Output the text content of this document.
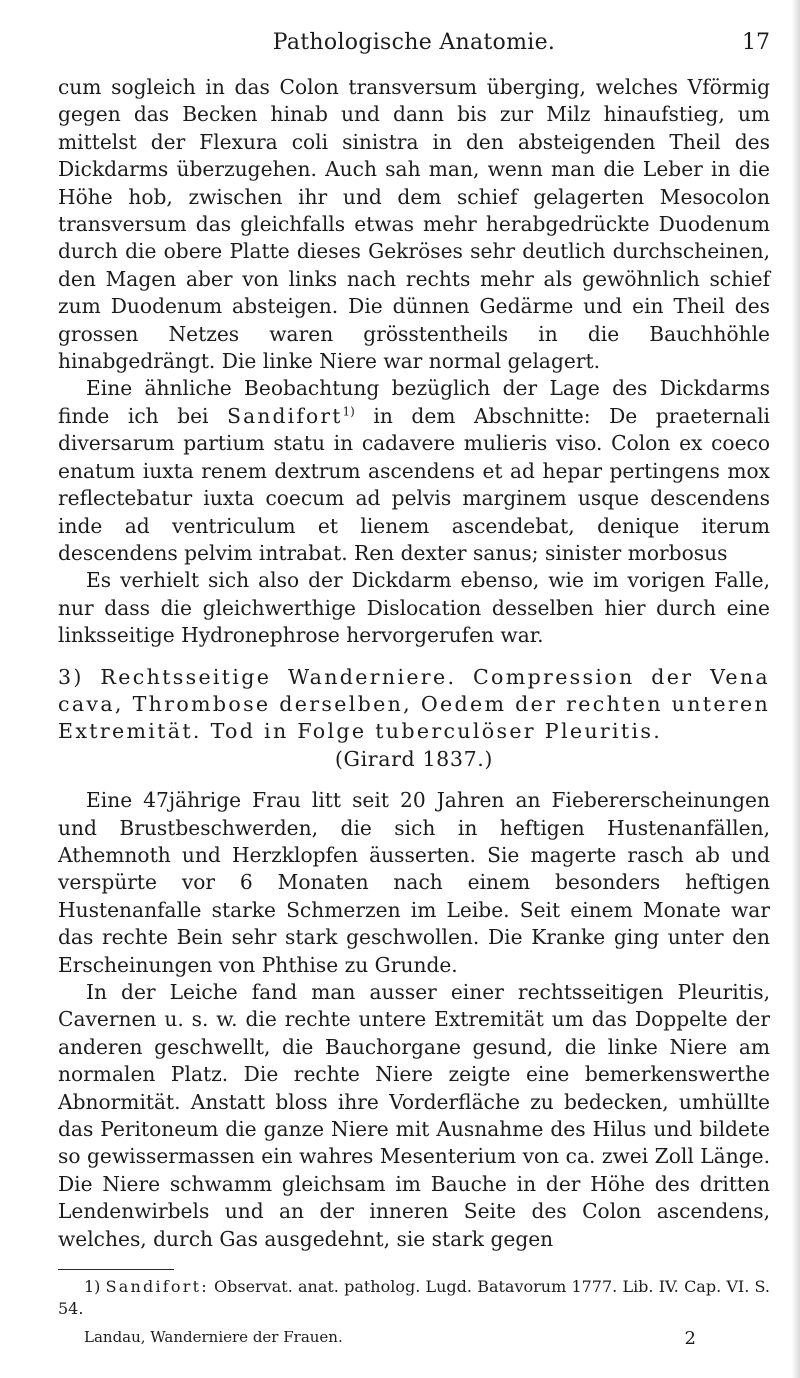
Pathologische Anatomie.	17

cum sogleich in das Colon transversum überging, welches Vförmig gegen das Becken hinab und dann bis zur Milz hinaufstieg, um mittelst der Flexura coli sinistra in den absteigenden Theil des Dickdarms überzugehen. Auch sah man, wenn man die Leber in die Höhe hob, zwischen ihr und dem schief gelagerten Mesocolon transversum das gleichfalls etwas mehr herabgedrückte Duodenum durch die obere Platte dieses Gekröses sehr deutlich durchscheinen, den Magen aber von links nach rechts mehr als gewöhnlich schief zum Duodenum absteigen. Die dünnen Gedärme und ein Theil des grossen Netzes waren grösstentheils in die Bauchhöhle hinabgedrängt. Die linke Niere war normal gelagert.

Eine ähnliche Beobachtung bezüglich der Lage des Dickdarms finde ich bei Sandifort$^{1)}$ in dem Abschnitte: De praeternali diversarum partium statu in cadavere mulieris viso. Colon ex coeco enatum iuxta renem dextrum ascendens et ad hepar pertingens mox reflectebatur iuxta coecum ad pelvis marginem usque descendens inde ad ventriculum et lienem ascendebat, denique iterum descendens pelvim intrabat. Ren dexter sanus; sinister morbosus

Es verhielt sich also der Dickdarm ebenso, wie im vorigen Falle, nur dass die gleichwerthige Dislocation desselben hier durch eine linksseitige Hydronephrose hervorgerufen war.

3) Rechtsseitige Wanderniere. Compression der Vena cava, Thrombose derselben, Oedem der rechten unteren Extremität. Tod in Folge tuberculöser Pleuritis.
(Girard 1837.)

Eine 47jährige Frau litt seit 20 Jahren an Fiebererscheinungen und Brustbeschwerden, die sich in heftigen Hustenanfällen, Athemnoth und Herzklopfen äusserten. Sie magerte rasch ab und verspürte vor 6 Monaten nach einem besonders heftigen Hustenanfalle starke Schmerzen im Leibe. Seit einem Monate war das rechte Bein sehr stark geschwollen. Die Kranke ging unter den Erscheinungen von Phthise zu Grunde.

In der Leiche fand man ausser einer rechtsseitigen Pleuritis, Cavernen u. s. w. die rechte untere Extremität um das Doppelte der anderen geschwellt, die Bauchorgane gesund, die linke Niere am normalen Platz. Die rechte Niere zeigte eine bemerkenswerthe Abnormität. Anstatt bloss ihre Vorderfläche zu bedecken, umhüllte das Peritoneum die ganze Niere mit Ausnahme des Hilus und bildete so gewissermassen ein wahres Mesenterium von ca. zwei Zoll Länge. Die Niere schwamm gleichsam im Bauche in der Höhe des dritten Lendenwirbels und an der inneren Seite des Colon ascendens, welches, durch Gas ausgedehnt, sie stark gegen

1) Sandifort: Observat. anat. patholog. Lugd. Batavorum 1777. Lib. IV. Cap. VI. S. 54.
Landau, Wanderniere der Frauen.	2
